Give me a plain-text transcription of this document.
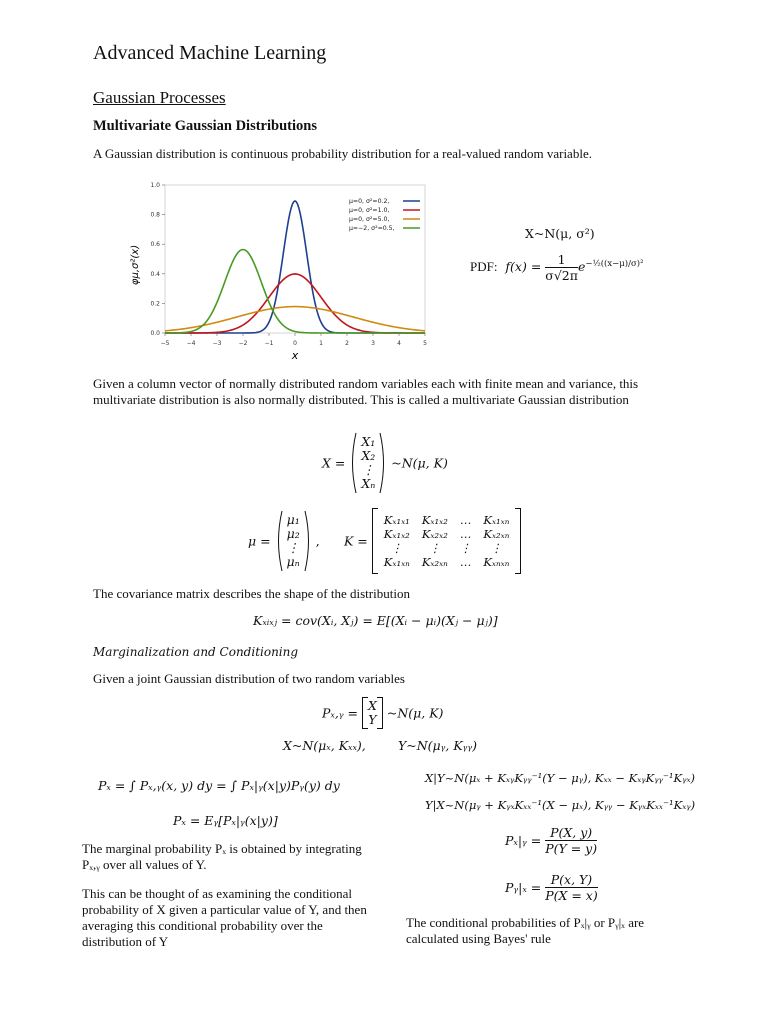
Advanced Machine Learning
Gaussian Processes
Multivariate Gaussian Distributions
A Gaussian distribution is continuous probability distribution for a real-valued random variable.
−5	−4	−3	−2	−1	0	1	2	3	4	5
0.0
0.2
0.4
0.6
0.8
1.0
μ=0, σ²=0.2,
μ=0, σ²=1.0,
μ=0, σ²=5.0,
μ=−2, σ²=0.5,
x
φμ,σ²(x)
X~N(μ, σ²)
PDF: $f(x) = \frac{1}{\sigma√2\pi} e^{-\frac{1}{2}((x-\mu)/\sigma)^2}$
Given a column vector of normally distributed random variables each with finite mean and variance, this multivariate distribution is also normally distributed. This is called a multivariate Gaussian distribution
X =
X₁
X₂
⋮
Xₙ
~N(μ, K)
μ =
μ₁
μ₂
⋮
μₙ
, K = Kₓ₁ₓ₁	Kₓ₁ₓ₂	…	Kₓ₁ₓₙ
Kₓ₁ₓ₂	Kₓ₂ₓ₂	…	Kₓ₂ₓₙ
⋮	⋮	⋮	⋮
Kₓ₁ₓₙ	Kₓ₂ₓₙ	…	Kₓₙₓₙ
The covariance matrix describes the shape of the distribution
Kₓᵢₓⱼ = cov(Xᵢ, Xⱼ) = E[(Xᵢ − μᵢ)(Xⱼ − μⱼ)]
Marginalization and Conditioning
Given a joint Gaussian distribution of two random variables
Pₓ,ᵧ = X
Y ~N(μ, K)
X~N(μₓ, Kₓₓ),	Y~N(μᵧ, Kᵧᵧ)
Pₓ = ∫ Pₓ,ᵧ(x, y) dy = ∫ Pₓ|ᵧ(x|y)Pᵧ(y) dy
Pₓ = Eᵧ[Pₓ|ᵧ(x|y)]
The marginal probability Pₓ is obtained by integrating Pₓ,ᵧ over all values of Y.
This can be thought of as examining the conditional probability of X given a particular value of Y, and then averaging this conditional probability over the distribution of Y
X|Y~N(μₓ + KₓᵧKᵧᵧ⁻¹(Y − μᵧ), Kₓₓ − KₓᵧKᵧᵧ⁻¹Kᵧₓ)
Y|X~N(μᵧ + KᵧₓKₓₓ⁻¹(X − μₓ), Kᵧᵧ − KᵧₓKₓₓ⁻¹Kₓᵧ)
Pₓ|ᵧ = $\frac{P(X, y)}{P(Y = y)}$
Pᵧ|ₓ = $\frac{P(x, Y)}{P(X = x)}$
The conditional probabilities of Pₓ|ᵧ or Pᵧ|ₓ are calculated using Bayes' rule
